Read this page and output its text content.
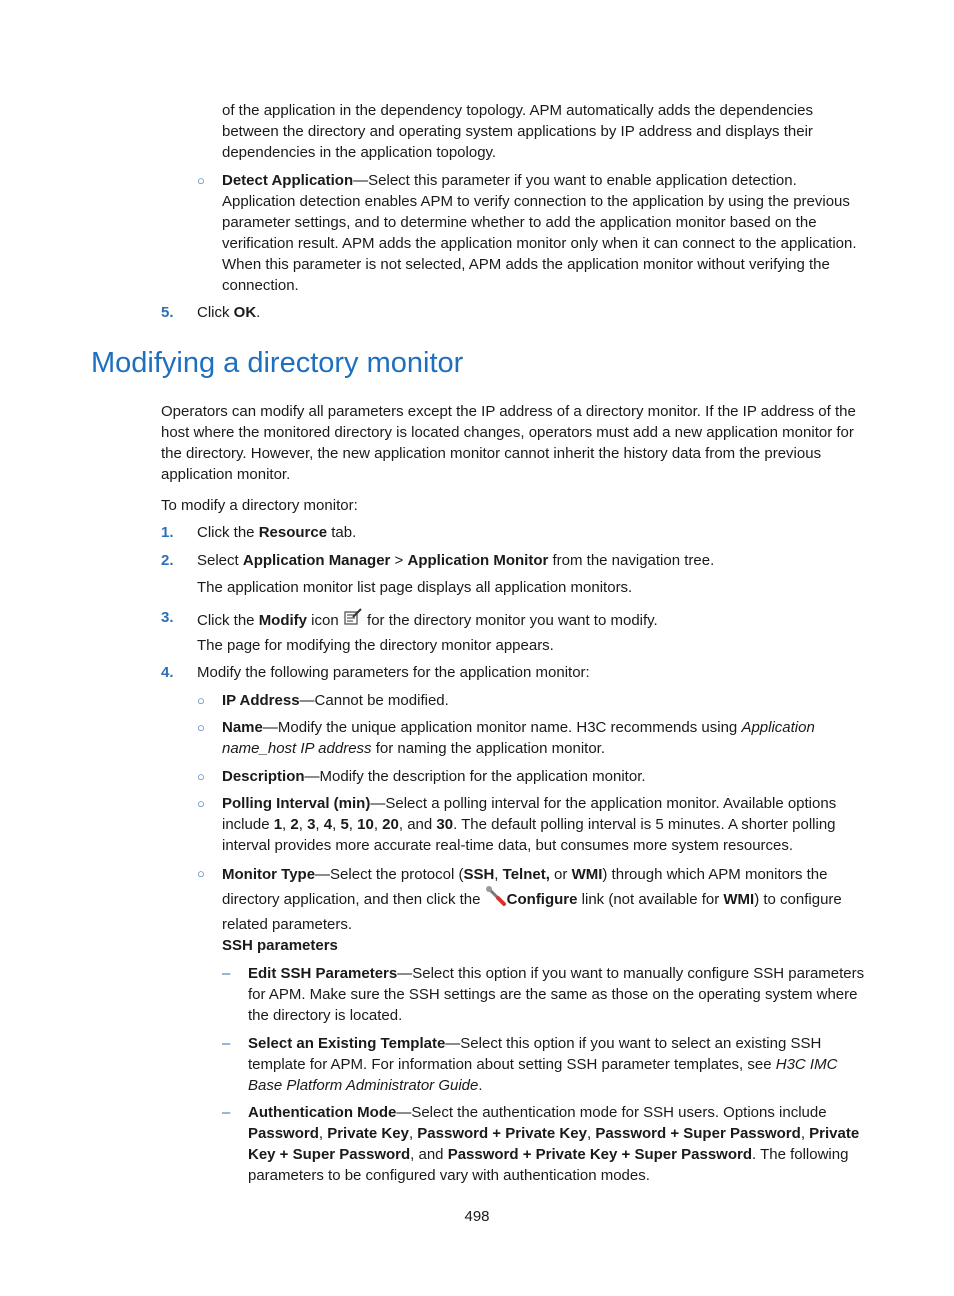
of the application in the dependency topology. APM automatically adds the dependencies between the directory and operating system applications by IP address and displays their dependencies in the application topology.

○ Detect Application—Select this parameter if you want to enable application detection. Application detection enables APM to verify connection to the application by using the previous parameter settings, and to determine whether to add the application monitor based on the verification result. APM adds the application monitor only when it can connect to the application. When this parameter is not selected, APM adds the application monitor without verifying the connection.

5. Click OK.

Modifying a directory monitor

Operators can modify all parameters except the IP address of a directory monitor. If the IP address of the host where the monitored directory is located changes, operators must add a new application monitor for the directory. However, the new application monitor cannot inherit the history data from the previous application monitor.

To modify a directory monitor:

1. Click the Resource tab.

2. Select Application Manager > Application Monitor from the navigation tree.

The application monitor list page displays all application monitors.

3. Click the Modify icon  for the directory monitor you want to modify.

The page for modifying the directory monitor appears.

4. Modify the following parameters for the application monitor:

○ IP Address—Cannot be modified.

○ Name—Modify the unique application monitor name. H3C recommends using Application name_host IP address for naming the application monitor.

○ Description—Modify the description for the application monitor.

○ Polling Interval (min)—Select a polling interval for the application monitor. Available options include 1, 2, 3, 4, 5, 10, 20, and 30. The default polling interval is 5 minutes. A shorter polling interval provides more accurate real-time data, but consumes more system resources.

○ Monitor Type—Select the protocol (SSH, Telnet, or WMI) through which APM monitors the directory application, and then click the Configure link (not available for WMI) to configure related parameters.

SSH parameters

– Edit SSH Parameters—Select this option if you want to manually configure SSH parameters for APM. Make sure the SSH settings are the same as those on the operating system where the directory is located.

– Select an Existing Template—Select this option if you want to select an existing SSH template for APM. For information about setting SSH parameter templates, see H3C IMC Base Platform Administrator Guide.

– Authentication Mode—Select the authentication mode for SSH users. Options include Password, Private Key, Password + Private Key, Password + Super Password, Private Key + Super Password, and Password + Private Key + Super Password. The following parameters to be configured vary with authentication modes.

498
